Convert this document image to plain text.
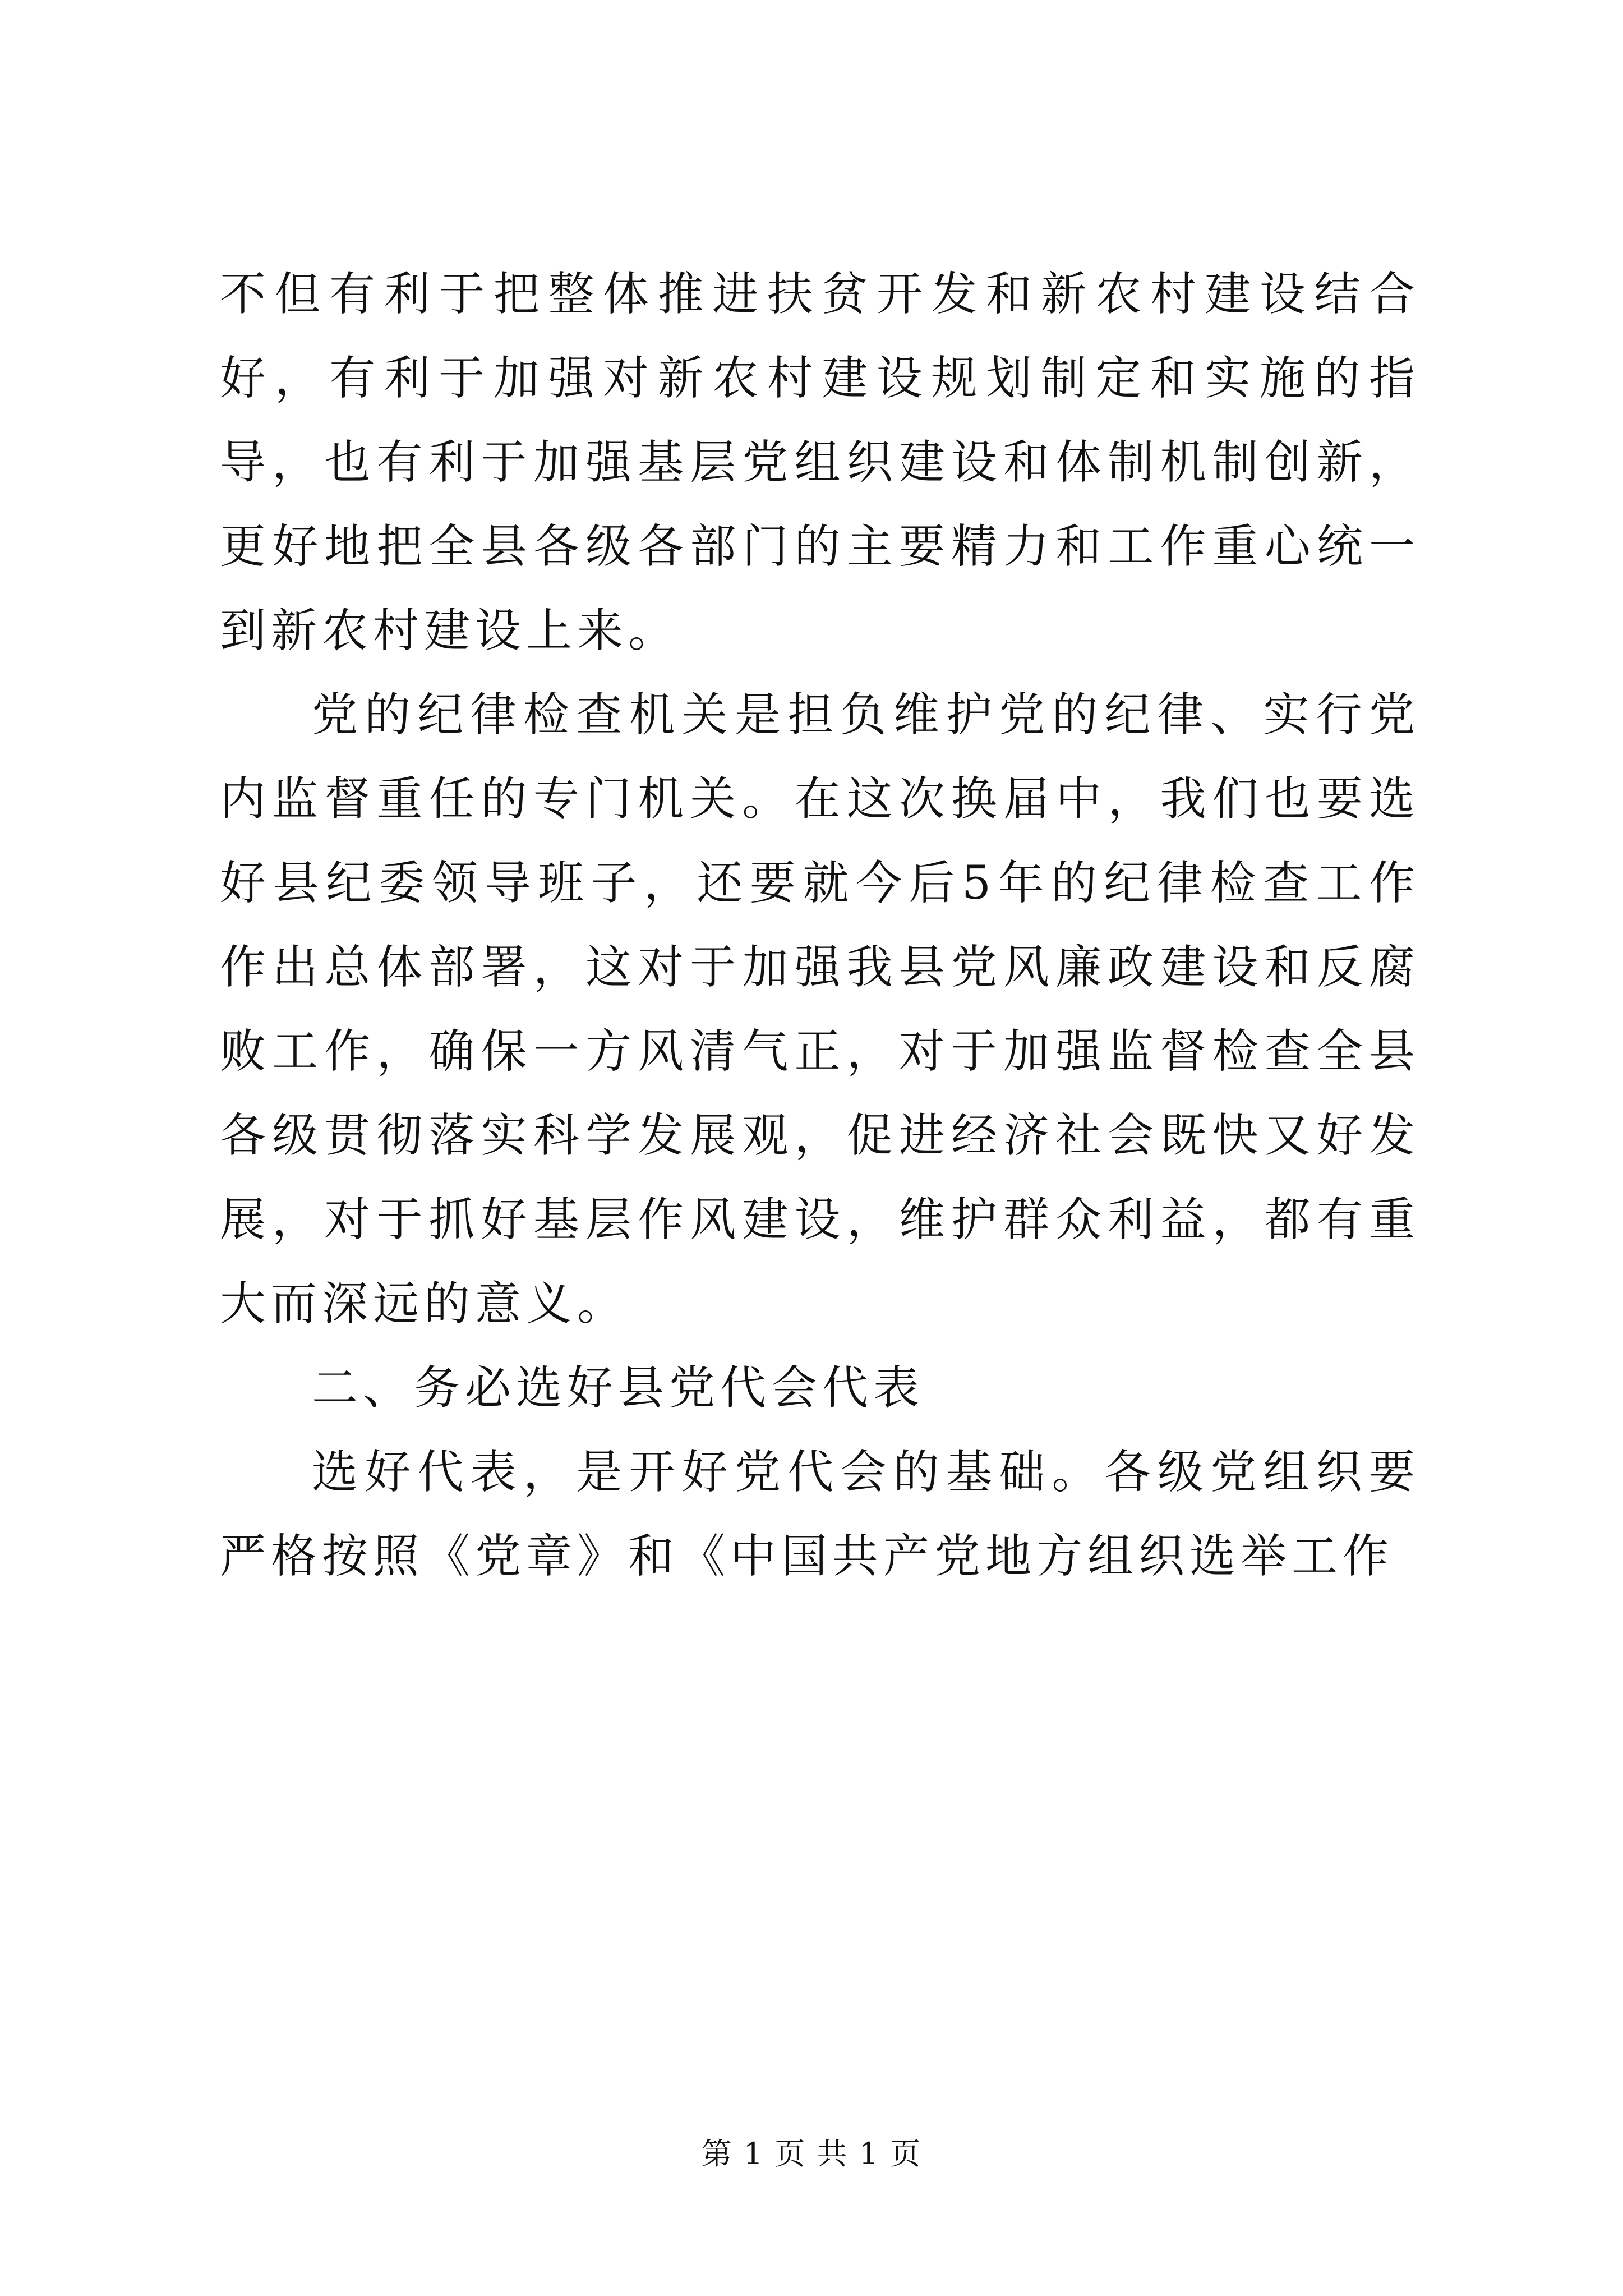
不但有利于把整体推进扶贫开发和新农村建设结合好，有利于加强对新农村建设规划制定和实施的指导，也有利于加强基层党组织建设和体制机制创新，更好地把全县各级各部门的主要精力和工作重心统一到新农村建设上来。

党的纪律检查机关是担负维护党的纪律、实行党内监督重任的专门机关。在这次换届中，我们也要选好县纪委领导班子，还要就今后5年的纪律检查工作作出总体部署，这对于加强我县党风廉政建设和反腐败工作，确保一方风清气正，对于加强监督检查全县各级贯彻落实科学发展观，促进经济社会既快又好发展，对于抓好基层作风建设，维护群众利益，都有重大而深远的意义。

二、务必选好县党代会代表

选好代表，是开好党代会的基础。各级党组织要严格按照《党章》和《中国共产党地方组织选举工作

第 1 页 共 1 页
